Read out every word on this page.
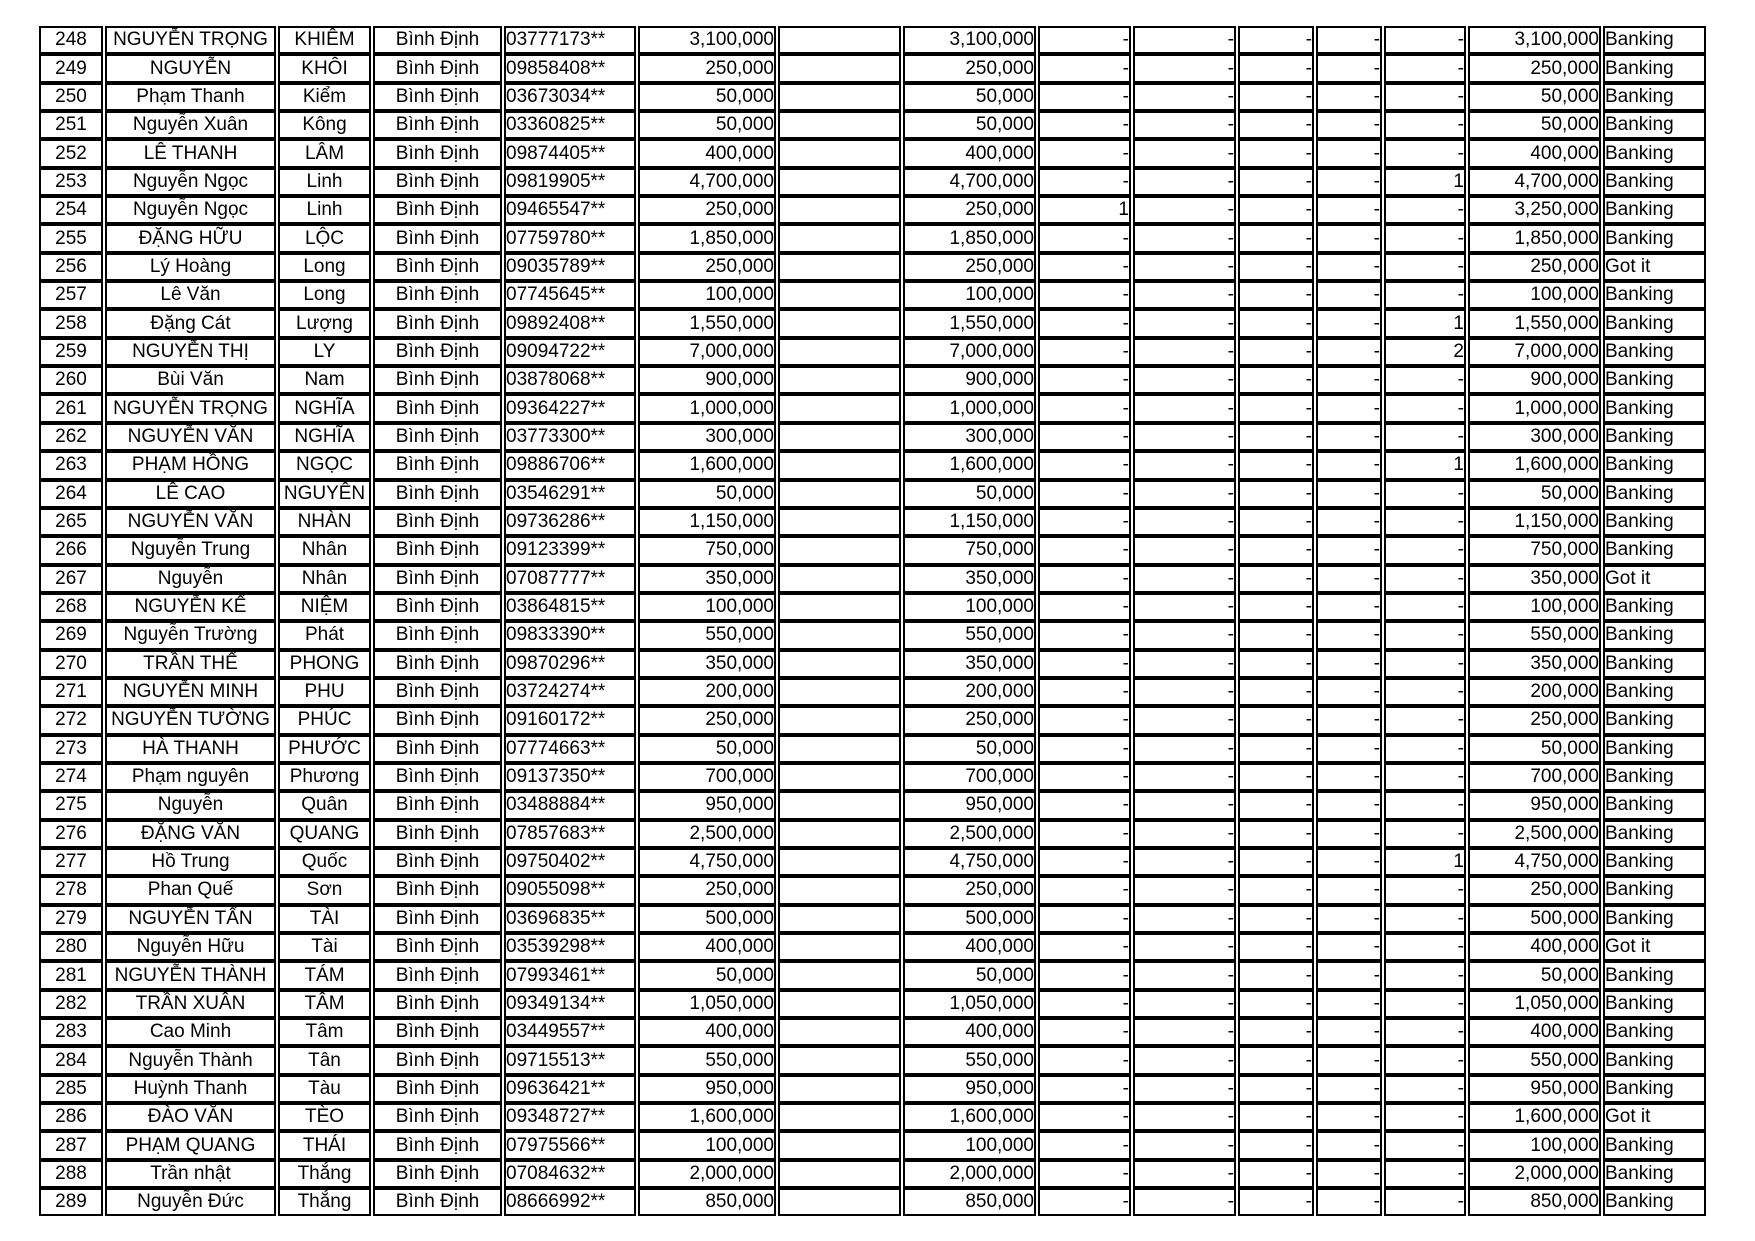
248	NGUYỄN TRỌNG	KHIÊM	Bình Định	03777173**	3,100,000		3,100,000	-	-	-	-	-	3,100,000	Banking
249	NGUYỄN	KHÔI	Bình Định	09858408**	250,000		250,000	-	-	-	-	-	250,000	Banking
250	Phạm Thanh	Kiểm	Bình Định	03673034**	50,000		50,000	-	-	-	-	-	50,000	Banking
251	Nguyễn Xuân	Kông	Bình Định	03360825**	50,000		50,000	-	-	-	-	-	50,000	Banking
252	LÊ THANH	LÂM	Bình Định	09874405**	400,000		400,000	-	-	-	-	-	400,000	Banking
253	Nguyễn Ngọc	Linh	Bình Định	09819905**	4,700,000		4,700,000	-	-	-	-	1	4,700,000	Banking
254	Nguyễn Ngọc	Linh	Bình Định	09465547**	250,000		250,000	1	-	-	-	-	3,250,000	Banking
255	ĐẶNG HỮU	LỘC	Bình Định	07759780**	1,850,000		1,850,000	-	-	-	-	-	1,850,000	Banking
256	Lý Hoàng	Long	Bình Định	09035789**	250,000		250,000	-	-	-	-	-	250,000	Got it
257	Lê Văn	Long	Bình Định	07745645**	100,000		100,000	-	-	-	-	-	100,000	Banking
258	Đặng Cát	Lượng	Bình Định	09892408**	1,550,000		1,550,000	-	-	-	-	1	1,550,000	Banking
259	NGUYỄN THỊ	LY	Bình Định	09094722**	7,000,000		7,000,000	-	-	-	-	2	7,000,000	Banking
260	Bùi Văn	Nam	Bình Định	03878068**	900,000		900,000	-	-	-	-	-	900,000	Banking
261	NGUYỄN TRỌNG	NGHĨA	Bình Định	09364227**	1,000,000		1,000,000	-	-	-	-	-	1,000,000	Banking
262	NGUYỄN VĂN	NGHĨA	Bình Định	03773300**	300,000		300,000	-	-	-	-	-	300,000	Banking
263	PHẠM HỒNG	NGỌC	Bình Định	09886706**	1,600,000		1,600,000	-	-	-	-	1	1,600,000	Banking
264	LÊ CAO	NGUYÊN	Bình Định	03546291**	50,000		50,000	-	-	-	-	-	50,000	Banking
265	NGUYỄN VĂN	NHÀN	Bình Định	09736286**	1,150,000		1,150,000	-	-	-	-	-	1,150,000	Banking
266	Nguyễn Trung	Nhân	Bình Định	09123399**	750,000		750,000	-	-	-	-	-	750,000	Banking
267	Nguyễn	Nhân	Bình Định	07087777**	350,000		350,000	-	-	-	-	-	350,000	Got it
268	NGUYỄN KẾ	NIỆM	Bình Định	03864815**	100,000		100,000	-	-	-	-	-	100,000	Banking
269	Nguyễn Trường	Phát	Bình Định	09833390**	550,000		550,000	-	-	-	-	-	550,000	Banking
270	TRẦN THẾ	PHONG	Bình Định	09870296**	350,000		350,000	-	-	-	-	-	350,000	Banking
271	NGUYỄN MINH	PHU	Bình Định	03724274**	200,000		200,000	-	-	-	-	-	200,000	Banking
272	NGUYỄN TƯỜNG	PHÚC	Bình Định	09160172**	250,000		250,000	-	-	-	-	-	250,000	Banking
273	HÀ THANH	PHƯỚC	Bình Định	07774663**	50,000		50,000	-	-	-	-	-	50,000	Banking
274	Phạm nguyên	Phương	Bình Định	09137350**	700,000		700,000	-	-	-	-	-	700,000	Banking
275	Nguyễn	Quân	Bình Định	03488884**	950,000		950,000	-	-	-	-	-	950,000	Banking
276	ĐẶNG VĂN	QUANG	Bình Định	07857683**	2,500,000		2,500,000	-	-	-	-	-	2,500,000	Banking
277	Hồ Trung	Quốc	Bình Định	09750402**	4,750,000		4,750,000	-	-	-	-	1	4,750,000	Banking
278	Phan Quế	Sơn	Bình Định	09055098**	250,000		250,000	-	-	-	-	-	250,000	Banking
279	NGUYỄN TẤN	TÀI	Bình Định	03696835**	500,000		500,000	-	-	-	-	-	500,000	Banking
280	Nguyễn Hữu	Tài	Bình Định	03539298**	400,000		400,000	-	-	-	-	-	400,000	Got it
281	NGUYỄN THÀNH	TÁM	Bình Định	07993461**	50,000		50,000	-	-	-	-	-	50,000	Banking
282	TRẦN XUÂN	TÂM	Bình Định	09349134**	1,050,000		1,050,000	-	-	-	-	-	1,050,000	Banking
283	Cao Minh	Tâm	Bình Định	03449557**	400,000		400,000	-	-	-	-	-	400,000	Banking
284	Nguyễn Thành	Tân	Bình Định	09715513**	550,000		550,000	-	-	-	-	-	550,000	Banking
285	Huỳnh Thanh	Tàu	Bình Định	09636421**	950,000		950,000	-	-	-	-	-	950,000	Banking
286	ĐÀO VĂN	TÈO	Bình Định	09348727**	1,600,000		1,600,000	-	-	-	-	-	1,600,000	Got it
287	PHẠM QUANG	THÁI	Bình Định	07975566**	100,000		100,000	-	-	-	-	-	100,000	Banking
288	Trần nhật	Thắng	Bình Định	07084632**	2,000,000		2,000,000	-	-	-	-	-	2,000,000	Banking
289	Nguyễn Đức	Thắng	Bình Định	08666992**	850,000		850,000	-	-	-	-	-	850,000	Banking
